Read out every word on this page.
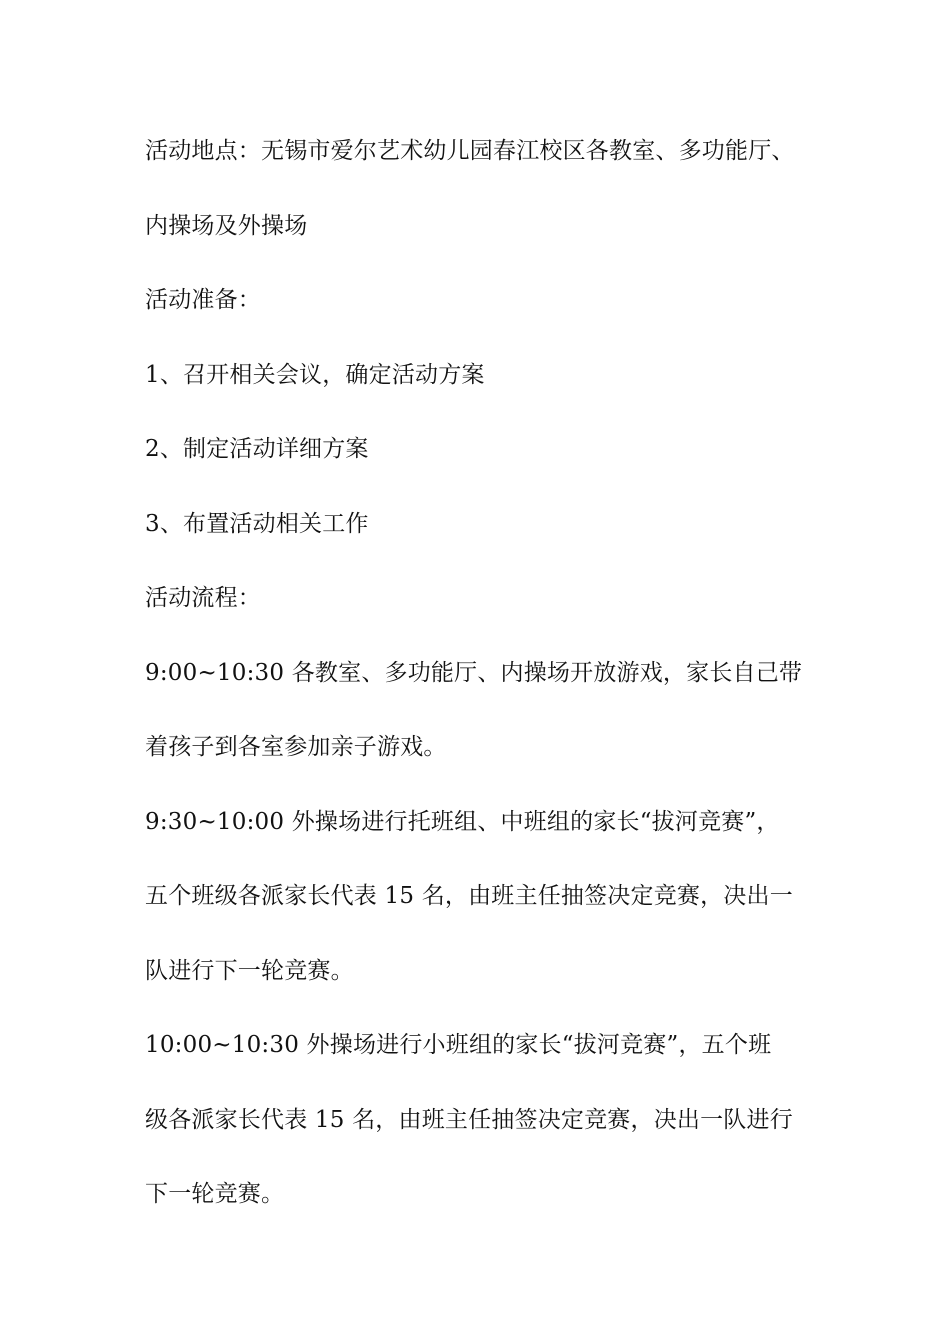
活动地点：无锡市爱尔艺术幼儿园春江校区各教室、多功能厅、
内操场及外操场
活动准备：
1、召开相关会议，确定活动方案
2、制定活动详细方案
3、布置活动相关工作
活动流程：
9:00~10:30 各教室、多功能厅、内操场开放游戏，家长自己带
着孩子到各室参加亲子游戏。
9:30~10:00 外操场进行托班组、中班组的家长“拔河竞赛”，
五个班级各派家长代表 15 名，由班主任抽签决定竞赛，决出一
队进行下一轮竞赛。
10:00~10:30 外操场进行小班组的家长“拔河竞赛”，五个班
级各派家长代表 15 名，由班主任抽签决定竞赛，决出一队进行
下一轮竞赛。
